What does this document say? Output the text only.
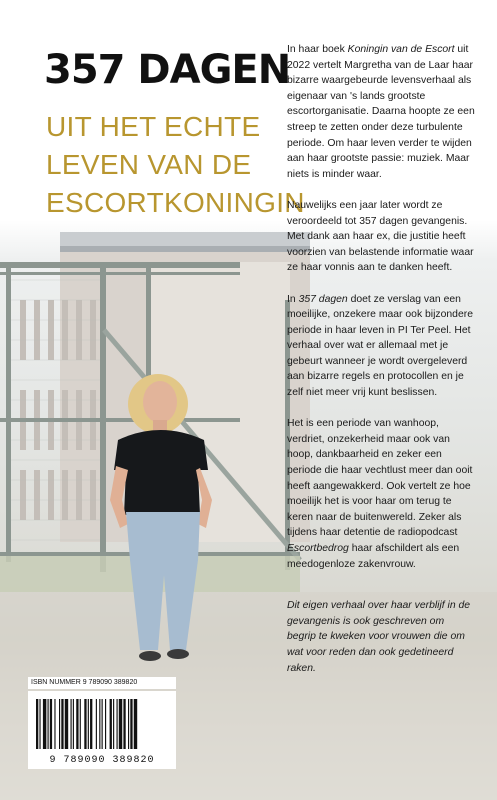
357 DAGEN
UIT HET ECHTE
LEVEN VAN DE
ESCORTKONINGIN

In haar boek Koningin van de Escort uit 2022 vertelt Margretha van de Laar haar bizarre waargebeurde levensverhaal als eigenaar van 's lands grootste escortorganisatie. Daarna hoopte ze een streep te zetten onder deze turbulente periode. Om haar leven verder te wijden aan haar grootste passie: muziek. Maar niets is minder waar.

Nauwelijks een jaar later wordt ze veroordeeld tot 357 dagen gevangenis. Met dank aan haar ex, die justitie heeft voorzien van belastende informatie waar ze haar vonnis aan te danken heeft.

In 357 dagen doet ze verslag van een moeilijke, onzekere maar ook bijzondere periode in haar leven in PI Ter Peel. Het verhaal over wat er allemaal met je gebeurt wanneer je wordt overgeleverd aan bizarre regels en protocollen en je zelf niet meer vrij kunt beslissen.

Het is een periode van wanhoop, verdriet, onzekerheid maar ook van hoop, dankbaarheid en zeker een periode die haar vechtlust meer dan ooit heeft aangewakkerd. Ook vertelt ze hoe moeilijk het is voor haar om terug te keren naar de buitenwereld. Zeker als tijdens haar detentie de radiopodcast Escortbedrog haar afschildert als een meedogenloze zakenvrouw.

Dit eigen verhaal over haar verblijf in de gevangenis is ook geschreven om begrip te kweken voor vrouwen die om wat voor reden dan ook gedetineerd raken.

ISBN NUMMER 9 789090 389820
9 789090 389820
